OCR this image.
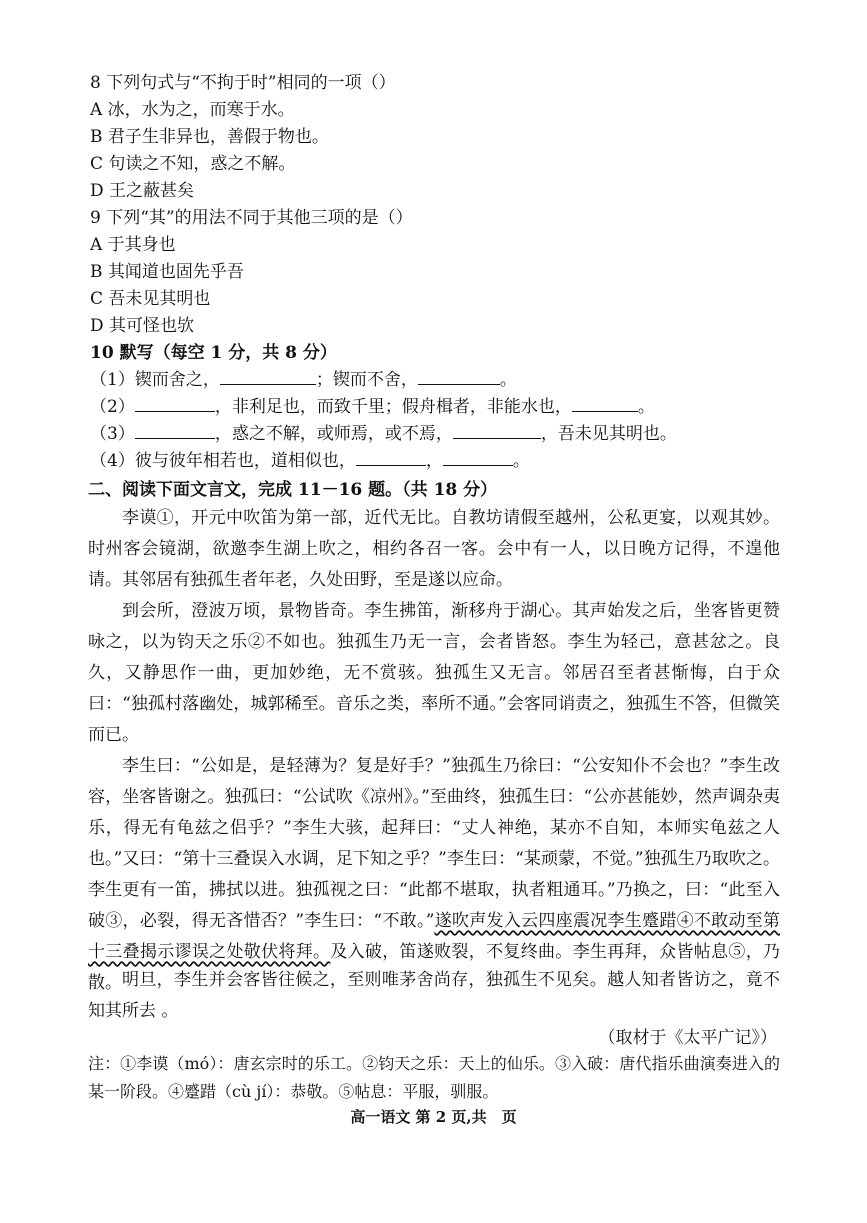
8 下列句式与“不拘于时”相同的一项（）
A 冰，水为之，而寒于水。
B 君子生非异也，善假于物也。
C 句读之不知，惑之不解。
D 王之蔽甚矣
9 下列“其”的用法不同于其他三项的是（）
A 于其身也
B 其闻道也固先乎吾
C 吾未见其明也
D 其可怪也欤
10 默写（每空 1 分，共 8 分）
（1）锲而舍之，	；锲而不舍，	。
（2）	，非利足也，而致千里；假舟楫者，非能水也，	。
（3）	，惑之不解，或师焉，或不焉，	，吾未见其明也。
（4）彼与彼年相若也，道相似也，	，	。
二、阅读下面文言文，完成 11－16 题。（共 18 分）
李谟①，开元中吹笛为第一部，近代无比。自教坊请假至越州，公私更宴，以观其妙。时州客会镜湖，欲邀李生湖上吹之，相约各召一客。会中有一人，以日晚方记得，不遑他请。其邻居有独孤生者年老，久处田野，至是遂以应命。
到会所，澄波万顷，景物皆奇。李生拂笛，渐移舟于湖心。其声始发之后，坐客皆更赞咏之，以为钧天之乐②不如也。独孤生乃无一言，会者皆怒。李生为轻己，意甚忿之。良久，又静思作一曲，更加妙绝，无不赏骇。独孤生又无言。邻居召至者甚惭悔，白于众曰：“独孤村落幽处，城郭稀至。音乐之类，率所不通。”会客同诮责之，独孤生不答，但微笑而已。
李生曰：“公如是，是轻薄为？复是好手？”独孤生乃徐曰：“公安知仆不会也？”李生改容，坐客皆谢之。独孤曰：“公试吹《凉州》。”至曲终，独孤生曰：“公亦甚能妙，然声调杂夷乐，得无有龟兹之侣乎？”李生大骇，起拜曰：“丈人神绝，某亦不自知，本师实龟兹之人也。”又曰：“第十三叠误入水调，足下知之乎？”李生曰：“某顽蒙，不觉。”独孤生乃取吹之。李生更有一笛，拂拭以进。独孤视之曰：“此都不堪取，执者粗通耳。”乃换之，曰：“此至入破③，必裂，得无吝惜否？”李生曰：“不敢。”遂吹声发入云四座震况李生蹙踖④不敢动至第十三叠揭示谬误之处敬伏将拜。及入破，笛遂败裂，不复终曲。李生再拜，众皆帖息⑤，乃散。 明旦，李生并会客皆往候之，至则唯茅舍尚存，独孤生不见矣。越人知者皆访之，竟不知其所去 。
（取材于《太平广记》）
注：①李谟（mó）：唐玄宗时的乐工。②钧天之乐：天上的仙乐。③入破：唐代指乐曲演奏进入的某一阶段。④蹙踖（cù jí）：恭敬。⑤帖息：平服，驯服。
高一语文 第 2 页,共　页
